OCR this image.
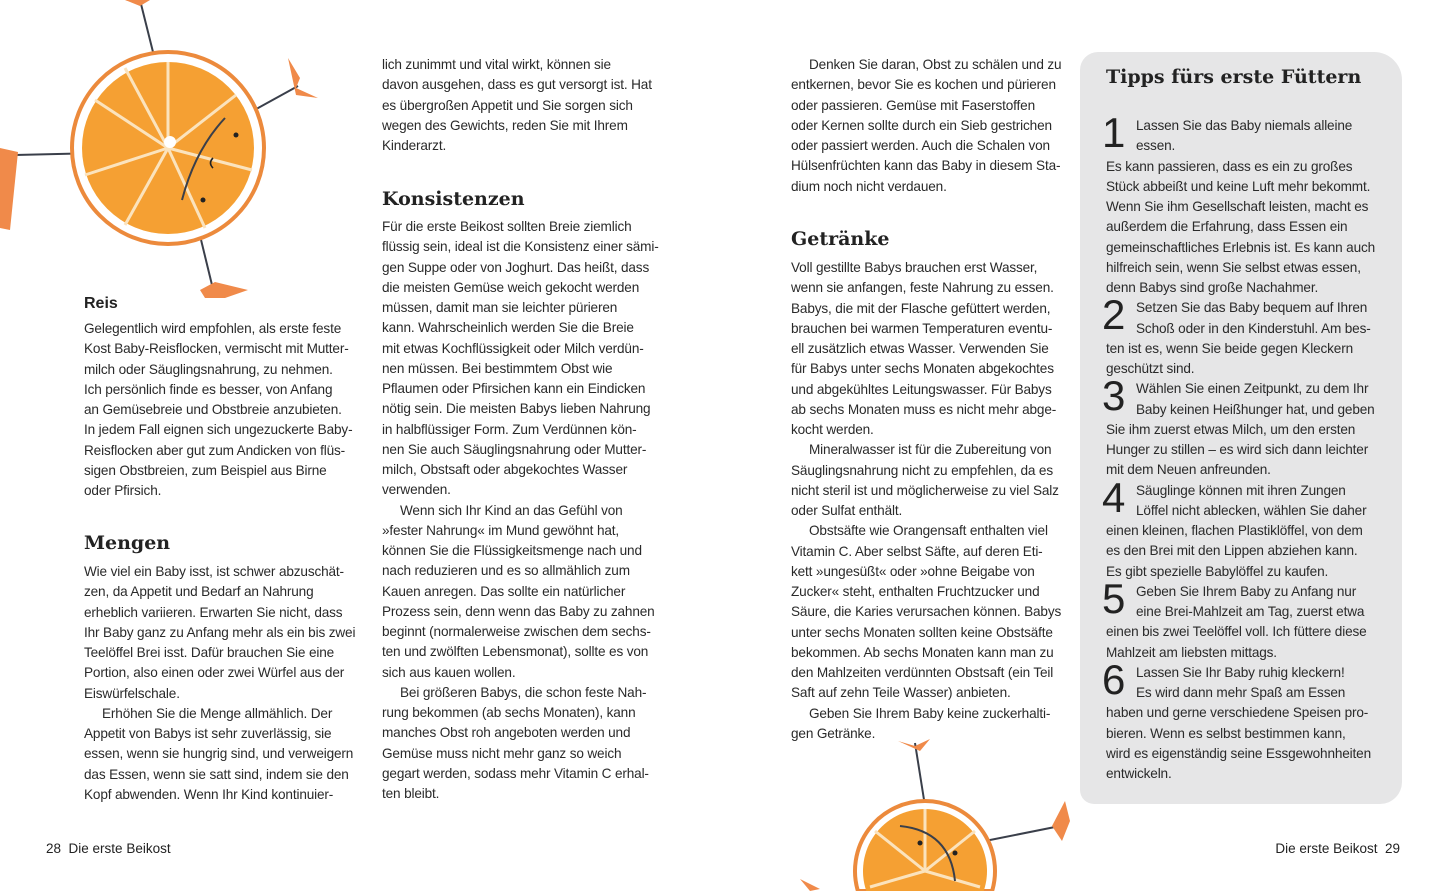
Reis
Mengen
Konsistenzen
Getränke
Gelegentlich wird empfohlen, als erste feste
Kost Baby-Reisflocken, vermischt mit Mutter-
milch oder Säuglingsnahrung, zu nehmen.
Ich persönlich finde es besser, von Anfang
an Gemüsebreie und Obstbreie anzubieten.
In jedem Fall eignen sich ungezuckerte Baby-
Reisflocken aber gut zum Andicken von flüs-
sigen Obstbreien, zum Beispiel aus Birne
oder Pfirsich.
Wie viel ein Baby isst, ist schwer abzuschät-
zen, da Appetit und Bedarf an Nahrung
erheblich variieren. Erwarten Sie nicht, dass
Ihr Baby ganz zu Anfang mehr als ein bis zwei
Teelöffel Brei isst. Dafür brauchen Sie eine
Portion, also einen oder zwei Würfel aus der
Eiswürfelschale.
Erhöhen Sie die Menge allmählich. Der
Appetit von Babys ist sehr zuverlässig, sie
essen, wenn sie hungrig sind, und verweigern
das Essen, wenn sie satt sind, indem sie den
Kopf abwenden. Wenn Ihr Kind kontinuier-
lich zunimmt und vital wirkt, können sie
davon ausgehen, dass es gut versorgt ist. Hat
es übergroßen Appetit und Sie sorgen sich
wegen des Gewichts, reden Sie mit Ihrem
Kinderarzt.
Für die erste Beikost sollten Breie ziemlich
flüssig sein, ideal ist die Konsistenz einer sämi-
gen Suppe oder von Joghurt. Das heißt, dass
die meisten Gemüse weich gekocht werden
müssen, damit man sie leichter pürieren
kann. Wahrscheinlich werden Sie die Breie
mit etwas Kochflüssigkeit oder Milch verdün-
nen müssen. Bei bestimmtem Obst wie
Pflaumen oder Pfirsichen kann ein Eindicken
nötig sein. Die meisten Babys lieben Nahrung
in halbflüssiger Form. Zum Verdünnen kön-
nen Sie auch Säuglingsnahrung oder Mutter-
milch, Obstsaft oder abgekochtes Wasser
verwenden.
Wenn sich Ihr Kind an das Gefühl von
»fester Nahrung« im Mund gewöhnt hat,
können Sie die Flüssigkeitsmenge nach und
nach reduzieren und es so allmählich zum
Kauen anregen. Das sollte ein natürlicher
Prozess sein, denn wenn das Baby zu zahnen
beginnt (normalerweise zwischen dem sechs-
ten und zwölften Lebensmonat), sollte es von
sich aus kauen wollen.
Bei größeren Babys, die schon feste Nah-
rung bekommen (ab sechs Monaten), kann
manches Obst roh angeboten werden und
Gemüse muss nicht mehr ganz so weich
gegart werden, sodass mehr Vitamin C erhal-
ten bleibt.
Denken Sie daran, Obst zu schälen und zu
entkernen, bevor Sie es kochen und pürieren
oder passieren. Gemüse mit Faserstoffen
oder Kernen sollte durch ein Sieb gestrichen
oder passiert werden. Auch die Schalen von
Hülsenfrüchten kann das Baby in diesem Sta-
dium noch nicht verdauen.
Voll gestillte Babys brauchen erst Wasser,
wenn sie anfangen, feste Nahrung zu essen.
Babys, die mit der Flasche gefüttert werden,
brauchen bei warmen Temperaturen eventu-
ell zusätzlich etwas Wasser. Verwenden Sie
für Babys unter sechs Monaten abgekochtes
und abgekühltes Leitungswasser. Für Babys
ab sechs Monaten muss es nicht mehr abge-
kocht werden.
Mineralwasser ist für die Zubereitung von
Säuglingsnahrung nicht zu empfehlen, da es
nicht steril ist und möglicherweise zu viel Salz
oder Sulfat enthält.
Obstsäfte wie Orangensaft enthalten viel
Vitamin C. Aber selbst Säfte, auf deren Eti-
kett »ungesüßt« oder »ohne Beigabe von
Zucker« steht, enthalten Fruchtzucker und
Säure, die Karies verursachen können. Babys
unter sechs Monaten sollten keine Obstsäfte
bekommen. Ab sechs Monaten kann man zu
den Mahlzeiten verdünnten Obstsaft (ein Teil
Saft auf zehn Teile Wasser) anbieten.
Geben Sie Ihrem Baby keine zuckerhalti-
gen Getränke.
Tipps fürs erste Füttern
1 Lassen Sie das Baby niemals alleine
essen.
Es kann passieren, dass es ein zu großes
Stück abbeißt und keine Luft mehr bekommt.
Wenn Sie ihm Gesellschaft leisten, macht es
außerdem die Erfahrung, dass Essen ein
gemeinschaftliches Erlebnis ist. Es kann auch
hilfreich sein, wenn Sie selbst etwas essen,
denn Babys sind große Nachahmer.
2 Setzen Sie das Baby bequem auf Ihren
Schoß oder in den Kinderstuhl. Am bes-
ten ist es, wenn Sie beide gegen Kleckern
geschützt sind.
3 Wählen Sie einen Zeitpunkt, zu dem Ihr
Baby keinen Heißhunger hat, und geben
Sie ihm zuerst etwas Milch, um den ersten
Hunger zu stillen – es wird sich dann leichter
mit dem Neuen anfreunden.
4 Säuglinge können mit ihren Zungen
Löffel nicht ablecken, wählen Sie daher
einen kleinen, flachen Plastiklöffel, von dem
es den Brei mit den Lippen abziehen kann.
Es gibt spezielle Babylöffel zu kaufen.
5 Geben Sie Ihrem Baby zu Anfang nur
eine Brei-Mahlzeit am Tag, zuerst etwa
einen bis zwei Teelöffel voll. Ich füttere diese
Mahlzeit am liebsten mittags.
6 Lassen Sie Ihr Baby ruhig kleckern!
Es wird dann mehr Spaß am Essen
haben und gerne verschiedene Speisen pro-
bieren. Wenn es selbst bestimmen kann,
wird es eigenständig seine Essgewohnheiten
entwickeln.
28 Die erste Beikost	Die erste Beikost 29
